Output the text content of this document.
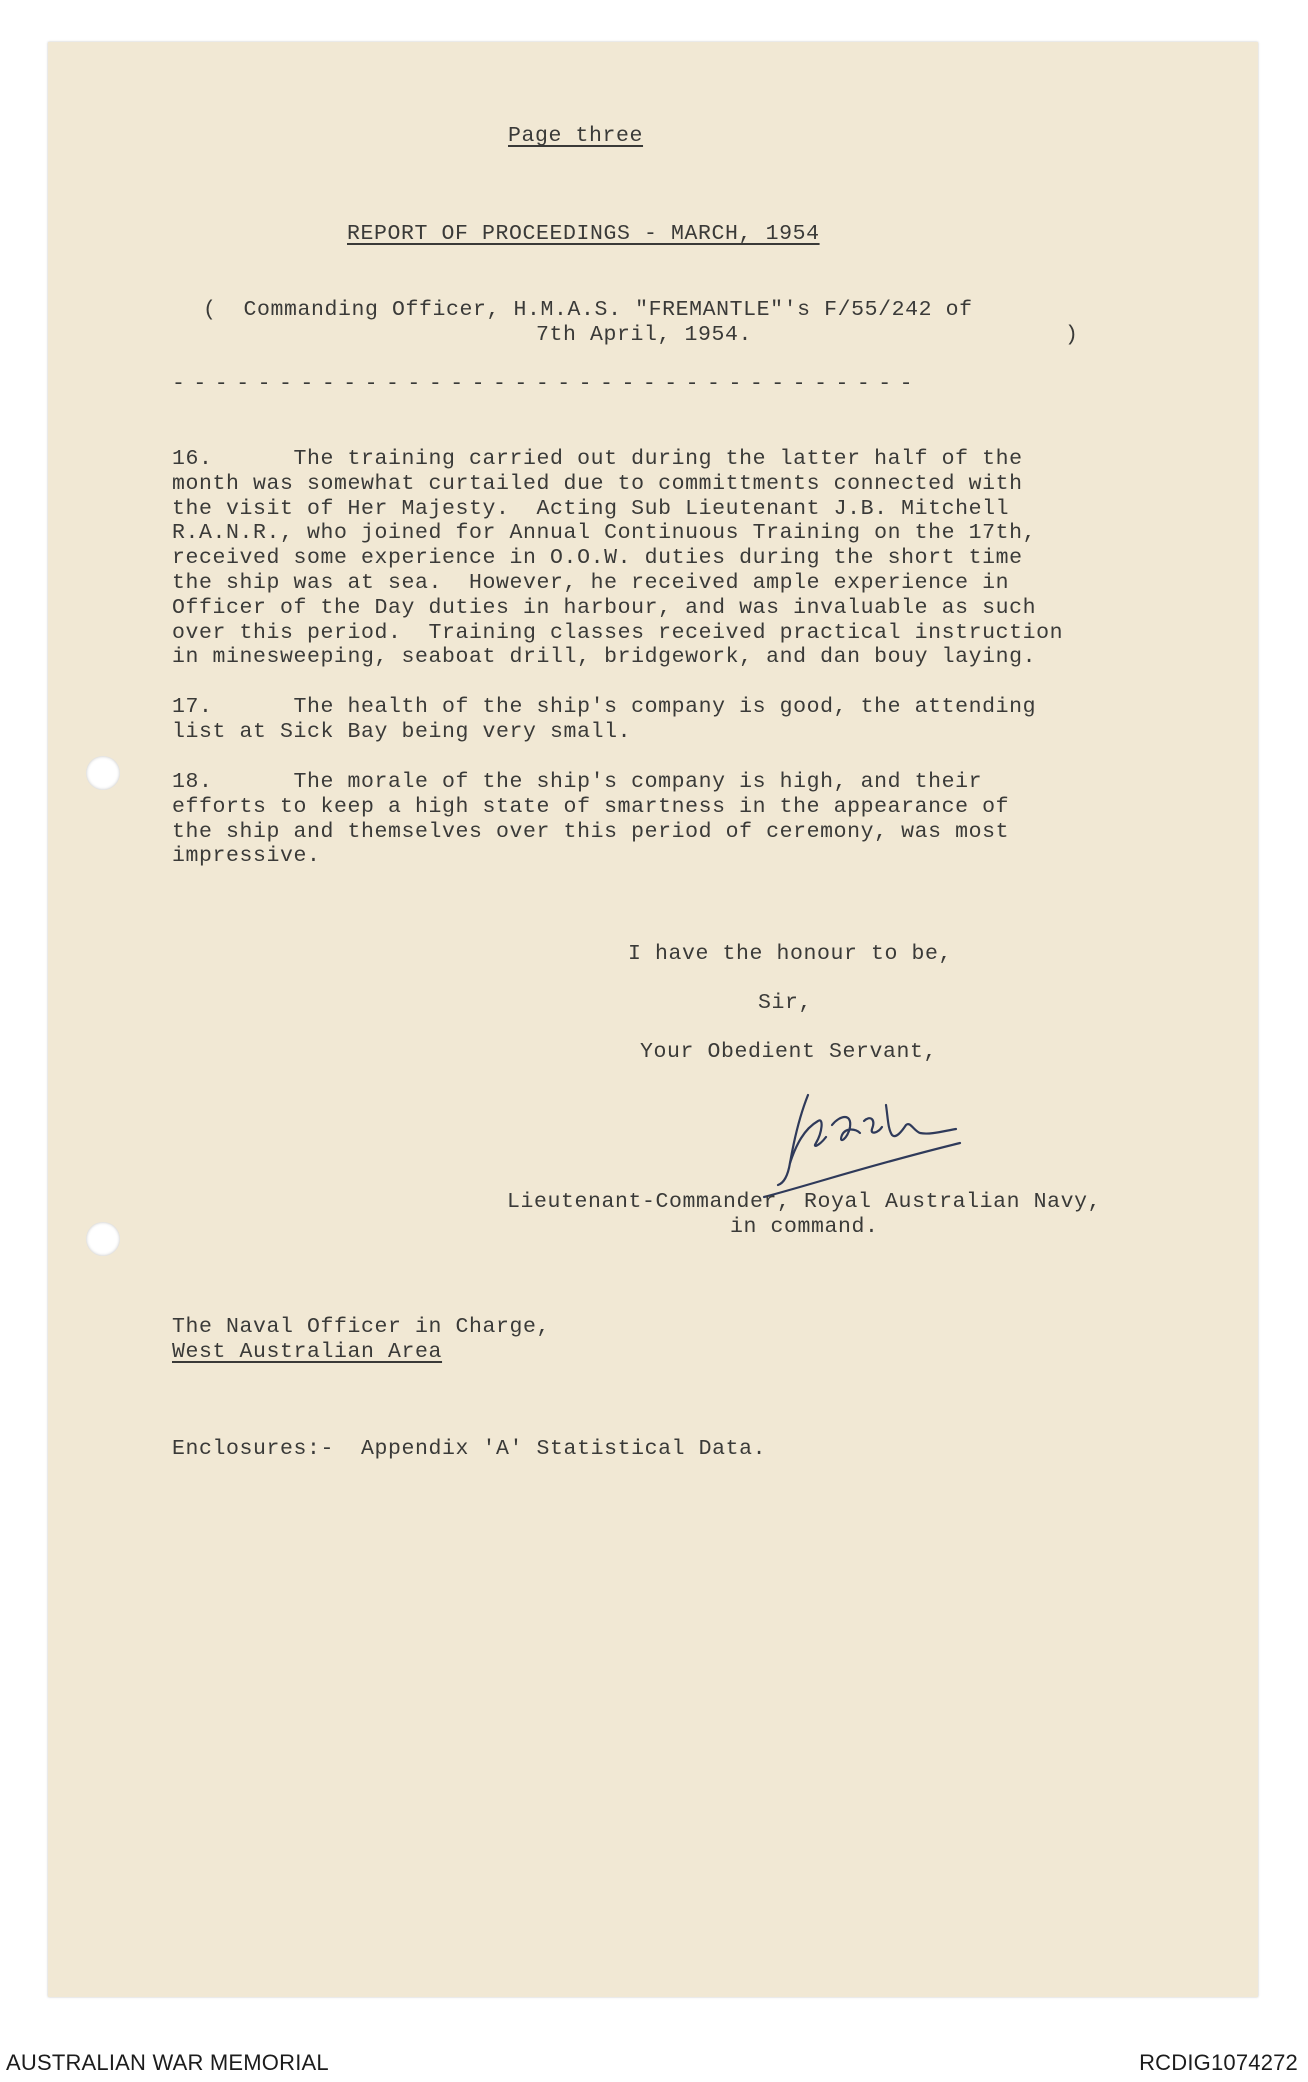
Page three
REPORT OF PROCEEDINGS - MARCH, 1954
(  Commanding Officer, H.M.A.S. "FREMANTLE"'s F/55/242 of
7th April, 1954.	)
-----------------------------------

16.      The training carried out during the latter half of the

month was somewhat curtailed due to committments connected with

the visit of Her Majesty.  Acting Sub Lieutenant J.B. Mitchell

R.A.N.R., who joined for Annual Continuous Training on the 17th,

received some experience in O.O.W. duties during the short time

the ship was at sea.  However, he received ample experience in

Officer of the Day duties in harbour, and was invaluable as such

over this period.  Training classes received practical instruction

in minesweeping, seaboat drill, bridgework, and dan bouy laying.

17.      The health of the ship's company is good, the attending

list at Sick Bay being very small.

18.      The morale of the ship's company is high, and their

efforts to keep a high state of smartness in the appearance of

the ship and themselves over this period of ceremony, was most

impressive.

I have the honour to be,
Sir,
Your Obedient Servant,
Lieutenant-Commander, Royal Australian Navy,
in command.
The Naval Officer in Charge,
West Australian Area
Enclosures:-  Appendix 'A' Statistical Data.
AUSTRALIAN WAR MEMORIAL	RCDIG1074272
